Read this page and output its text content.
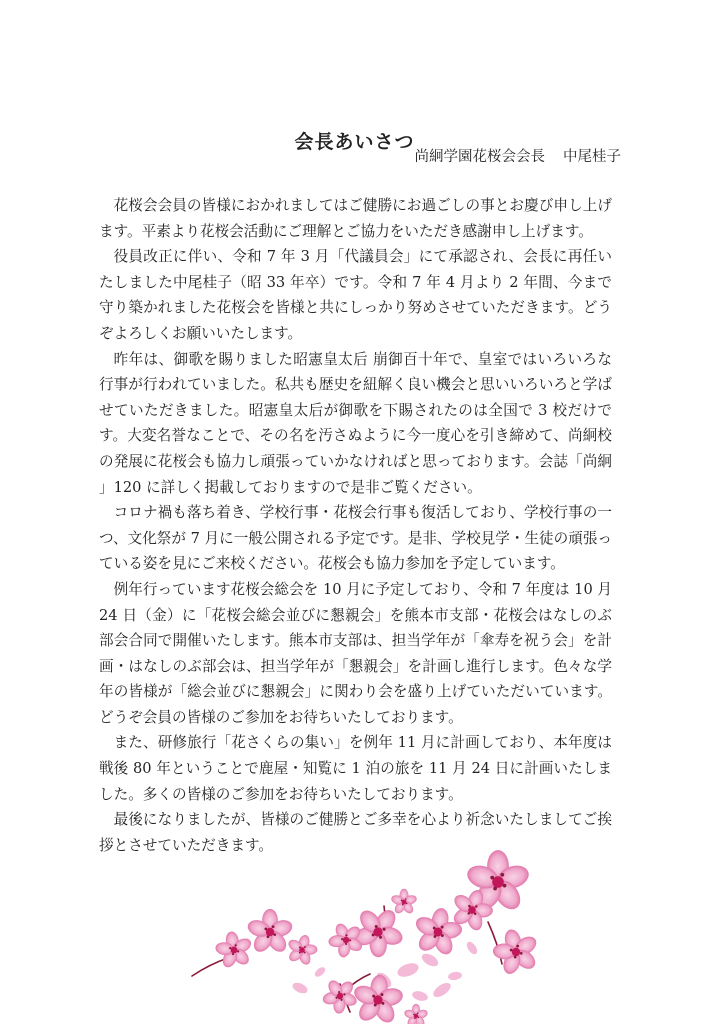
会長あいさつ
尚絅学園花桜会会長 中尾桂子

花桜会会員の皆様におかれましてはご健勝にお過ごしの事とお慶び申し上げます。平素より花桜会活動にご理解とご協力をいただき感謝申し上げます。

役員改正に伴い、令和 7 年 3 月「代議員会」にて承認され、会長に再任いたしました中尾桂子（昭 33 年卒）です。令和 7 年 4 月より 2 年間、今まで守り築かれました花桜会を皆様と共にしっかり努めさせていただきます。どうぞよろしくお願いいたします。

昨年は、御歌を賜りました昭憲皇太后 崩御百十年で、皇室ではいろいろな行事が行われていました。私共も歴史を紐解く良い機会と思いいろいろと学ばせていただきました。昭憲皇太后が御歌を下賜されたのは全国で 3 校だけです。大変名誉なことで、その名を汚さぬように今一度心を引き締めて、尚絅校の発展に花桜会も協力し頑張っていかなければと思っております。会誌「尚絅」120 に詳しく掲載しておりますので是非ご覧ください。

コロナ禍も落ち着き、学校行事・花桜会行事も復活しており、学校行事の一つ、文化祭が 7 月に一般公開される予定です。是非、学校見学・生徒の頑張っている姿を見にご来校ください。花桜会も協力参加を予定しています。

例年行っています花桜会総会を 10 月に予定しており、令和 7 年度は 10 月 24 日（金）に「花桜会総会並びに懇親会」を熊本市支部・花桜会はなしのぶ部会合同で開催いたします。熊本市支部は、担当学年が「傘寿を祝う会」を計画・はなしのぶ部会は、担当学年が「懇親会」を計画し進行します。色々な学年の皆様が「総会並びに懇親会」に関わり会を盛り上げていただいています。どうぞ会員の皆様のご参加をお待ちいたしております。

また、研修旅行「花さくらの集い」を例年 11 月に計画しており、本年度は戦後 80 年ということで鹿屋・知覧に 1 泊の旅を 11 月 24 日に計画いたしました。多くの皆様のご参加をお待ちいたしております。

最後になりましたが、皆様のご健勝とご多幸を心より祈念いたしましてご挨拶とさせていただきます。
